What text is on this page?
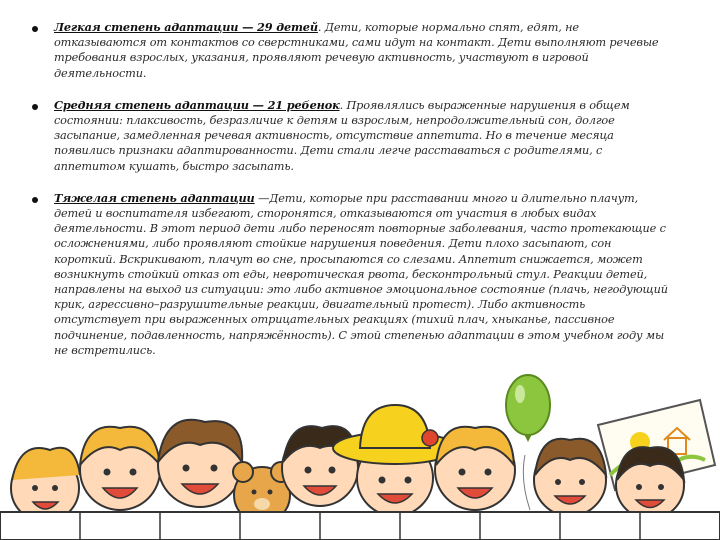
Легкая степень адаптации — 29 детей. Дети, которые нормально спят, едят, не отказываются от контактов со сверстниками, сами идут на контакт. Дети выполняют речевые требования взрослых, указания, проявляют речевую активность, участвуют в игровой деятельности.
Средняя степень адаптации — 21 ребенок. Проявлялись выраженные нарушения в общем состоянии: плаксивость, безразличие к детям и взрослым, непродолжительный сон, долгое засыпание, замедленная речевая активность, отсутствие аппетита. Но в течение месяца появились признаки адаптированности. Дети стали легче расставаться с родителями, с аппетитом кушать, быстро засыпать.
Тяжелая степень адаптации —Дети, которые при расставании много и длительно плачут, детей и воспитателя избегают, сторонятся, отказываются от участия в любых видах деятельности. В этот период дети либо переносят повторные заболевания, часто протекающие с осложнениями, либо проявляют стойкие нарушения поведения. Дети плохо засыпают, сон короткий. Вскрикивают, плачут во сне, просыпаются со слезами. Аппетит снижается, может возникнуть стойкий отказ от еды, невротическая рвота, бесконтрольный стул. Реакции детей, направлены на выход из ситуации: это либо активное эмоциональное состояние (плачь, негодующий крик, агрессивно–разрушительные реакции, двигательный протест). Либо активность отсутствует при выраженных отрицательных реакциях (тихий плач, хныканье, пассивное подчинение, подавленность, напряжённость). С этой степенью адаптации в этом учебном году мы не встретились.
